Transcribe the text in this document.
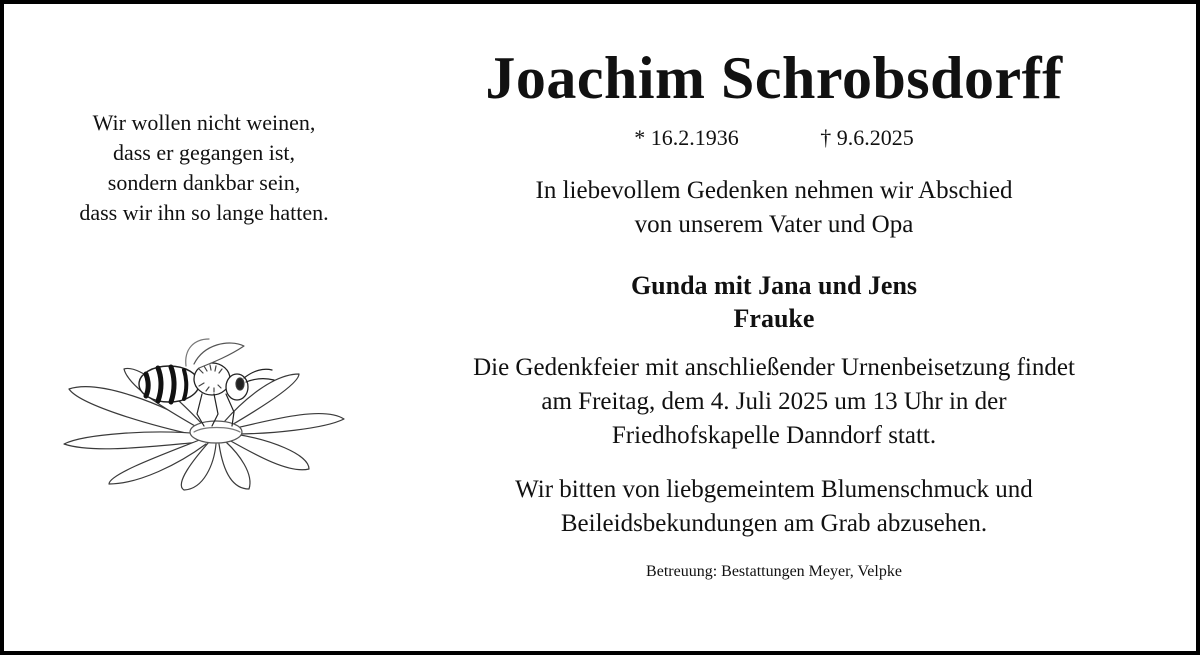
Wir wollen nicht weinen,
dass er gegangen ist,
sondern dankbar sein,
dass wir ihn so lange hatten.
Joachim Schrobsdorff
* 16.2.1936	† 9.6.2025
In liebevollem Gedenken nehmen wir Abschied
von unserem Vater und Opa
Gunda mit Jana und Jens
Frauke
Die Gedenkfeier mit anschließender Urnenbeisetzung findet
am Freitag, dem 4. Juli 2025 um 13 Uhr in der
Friedhofskapelle Danndorf statt.
Wir bitten von liebgemeintem Blumenschmuck und
Beileidsbekundungen am Grab abzusehen.
Betreuung: Bestattungen Meyer, Velpke
